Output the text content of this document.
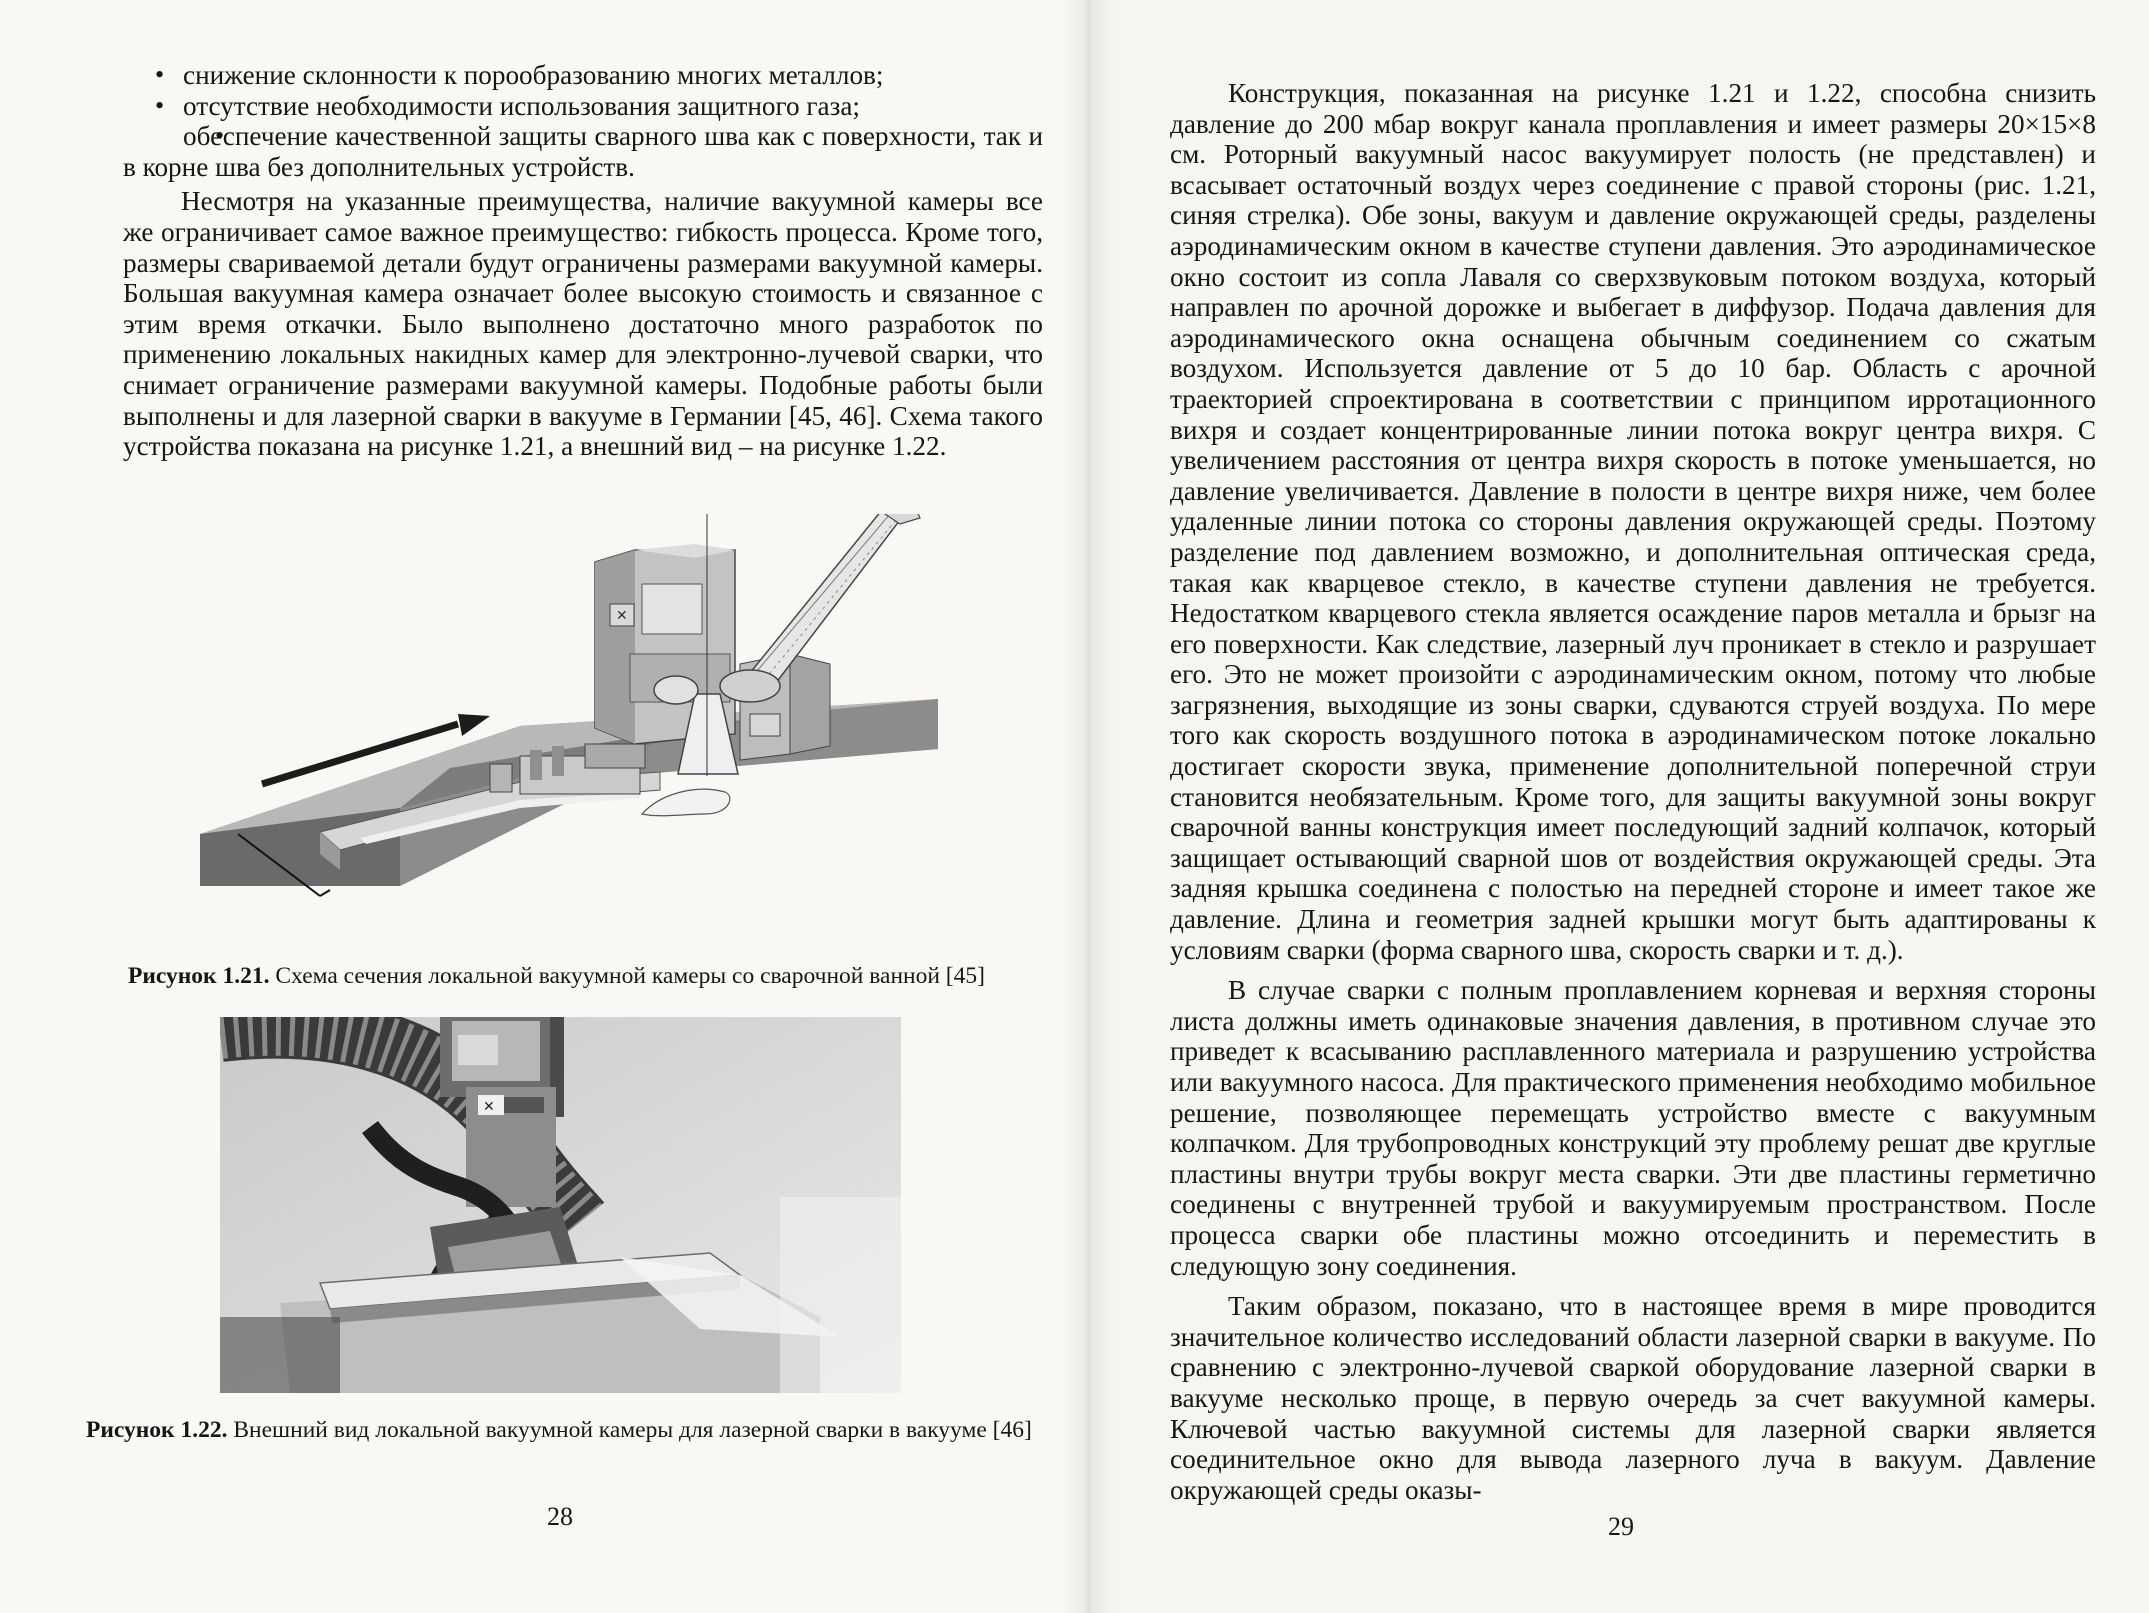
• снижение склонности к порообразованию многих металлов;
• отсутствие необходимости использования защитного газа;
• обеспечение качественной защиты сварного шва как с поверхности, так и в корне шва без дополнительных устройств.

Несмотря на указанные преимущества, наличие вакуумной камеры все же ограничивает самое важное преимущество: гибкость процесса. Кроме того, размеры свариваемой детали будут ограничены размерами вакуумной камеры. Большая вакуумная камера означает более высокую стоимость и связанное с этим время откачки. Было выполнено достаточно много разработок по применению локальных накидных камер для электронно-лучевой сварки, что снимает ограничение размерами вакуумной камеры. Подобные работы были выполнены и для лазерной сварки в вакууме в Германии [45, 46]. Схема такого устройства показана на рисунке 1.21, а внешний вид – на рисунке 1.22.

✕
Рисунок 1.21. Схема сечения локальной вакуумной камеры со сварочной ванной [45]
✕
Рисунок 1.22. Внешний вид локальной вакуумной камеры для лазерной сварки в вакууме [46]
28

Конструкция, показанная на рисунке 1.21 и 1.22, способна снизить давление до 200 мбар вокруг канала проплавления и имеет размеры 20×15×8 см. Роторный вакуумный насос вакуумирует полость (не представлен) и всасывает остаточный воздух через соединение с правой стороны (рис. 1.21, синяя стрелка). Обе зоны, вакуум и давление окружающей среды, разделены аэродинамическим окном в качестве ступени давления. Это аэродинамическое окно состоит из сопла Лаваля со сверхзвуковым потоком воздуха, который направлен по арочной дорожке и выбегает в диффузор. Подача давления для аэродинамического окна оснащена обычным соединением со сжатым воздухом. Используется давление от 5 до 10 бар. Область с арочной траекторией спроектирована в соответствии с принципом ирротационного вихря и создает концентрированные линии потока вокруг центра вихря. С увеличением расстояния от центра вихря скорость в потоке уменьшается, но давление увеличивается. Давление в полости в центре вихря ниже, чем более удаленные линии потока со стороны давления окружающей среды. Поэтому разделение под давлением возможно, и дополнительная оптическая среда, такая как кварцевое стекло, в качестве ступени давления не требуется. Недостатком кварцевого стекла является осаждение паров металла и брызг на его поверхности. Как следствие, лазерный луч проникает в стекло и разрушает его. Это не может произойти с аэродинамическим окном, потому что любые загрязнения, выходящие из зоны сварки, сдуваются струей воздуха. По мере того как скорость воздушного потока в аэродинамическом потоке локально достигает скорости звука, применение дополнительной поперечной струи становится необязательным. Кроме того, для защиты вакуумной зоны вокруг сварочной ванны конструкция имеет последующий задний колпачок, который защищает остывающий сварной шов от воздействия окружающей среды. Эта задняя крышка соединена с полостью на передней стороне и имеет такое же давление. Длина и геометрия задней крышки могут быть адаптированы к условиям сварки (форма сварного шва, скорость сварки и т. д.).

В случае сварки с полным проплавлением корневая и верхняя стороны листа должны иметь одинаковые значения давления, в противном случае это приведет к всасыванию расплавленного материала и разрушению устройства или вакуумного насоса. Для практического применения необходимо мобильное решение, позволяющее перемещать устройство вместе с вакуумным колпачком. Для трубопроводных конструкций эту проблему решат две круглые пластины внутри трубы вокруг места сварки. Эти две пластины герметично соединены с внутренней трубой и вакуумируемым пространством. После процесса сварки обе пластины можно отсоединить и переместить в следующую зону соединения.

Таким образом, показано, что в настоящее время в мире проводится значительное количество исследований области лазерной сварки в вакууме. По сравнению с электронно-лучевой сваркой оборудование лазерной сварки в вакууме несколько проще, в первую очередь за счет вакуумной камеры. Ключевой частью вакуумной системы для лазерной сварки является соединительное окно для вывода лазерного луча в вакуум. Давление окружающей среды оказы-

29
